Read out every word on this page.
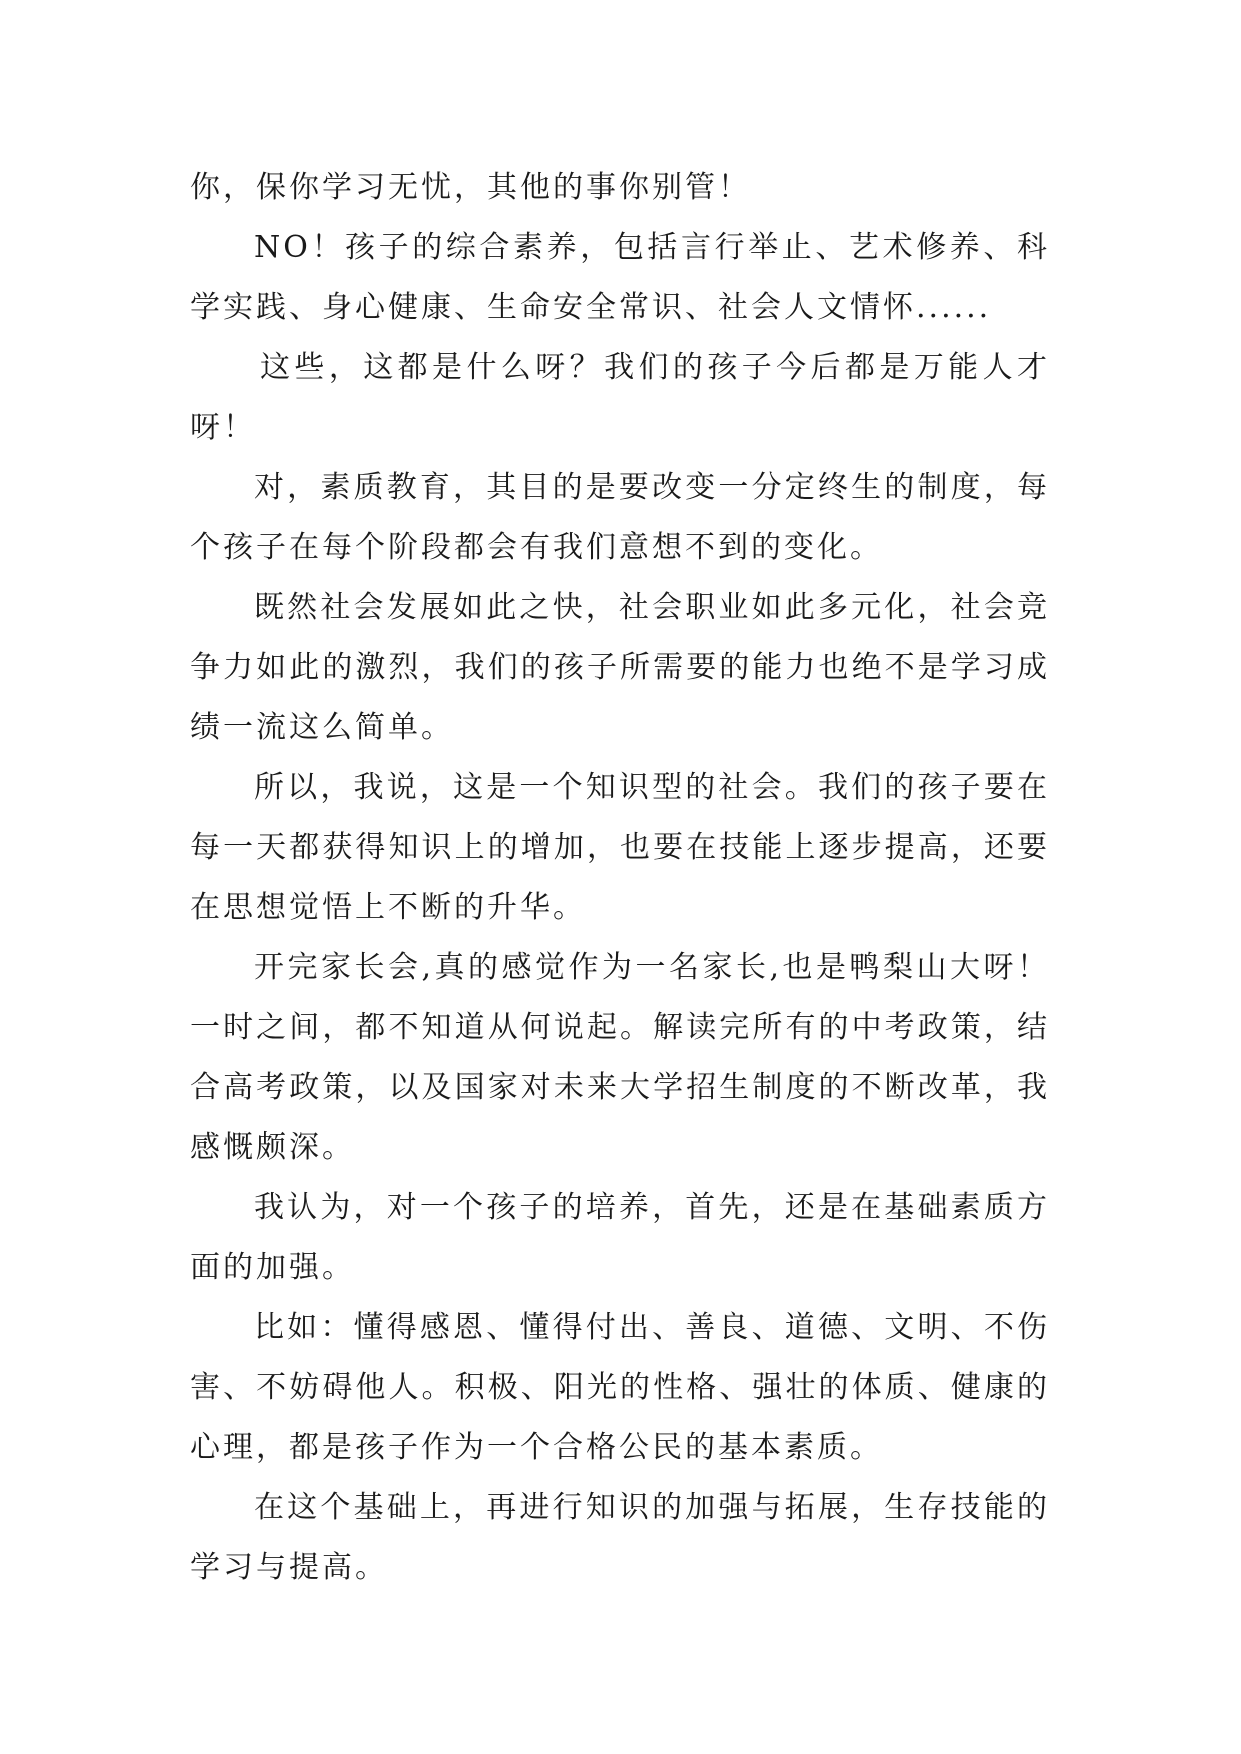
你，保你学习无忧，其他的事你别管！

NO！孩子的综合素养，包括言行举止、艺术修养、科学实践、身心健康、生命安全常识、社会人文情怀......

这些，这都是什么呀？我们的孩子今后都是万能人才呀！

对，素质教育，其目的是要改变一分定终生的制度，每个孩子在每个阶段都会有我们意想不到的变化。

既然社会发展如此之快，社会职业如此多元化，社会竞争力如此的激烈，我们的孩子所需要的能力也绝不是学习成绩一流这么简单。

所以，我说，这是一个知识型的社会。我们的孩子要在每一天都获得知识上的增加，也要在技能上逐步提高，还要在思想觉悟上不断的升华。

开完家长会,真的感觉作为一名家长,也是鸭梨山大呀！一时之间，都不知道从何说起。解读完所有的中考政策，结合高考政策，以及国家对未来大学招生制度的不断改革，我感慨颇深。

我认为，对一个孩子的培养，首先，还是在基础素质方面的加强。

比如：懂得感恩、懂得付出、善良、道德、文明、不伤害、不妨碍他人。积极、阳光的性格、强壮的体质、健康的心理，都是孩子作为一个合格公民的基本素质。

在这个基础上，再进行知识的加强与拓展，生存技能的学习与提高。
